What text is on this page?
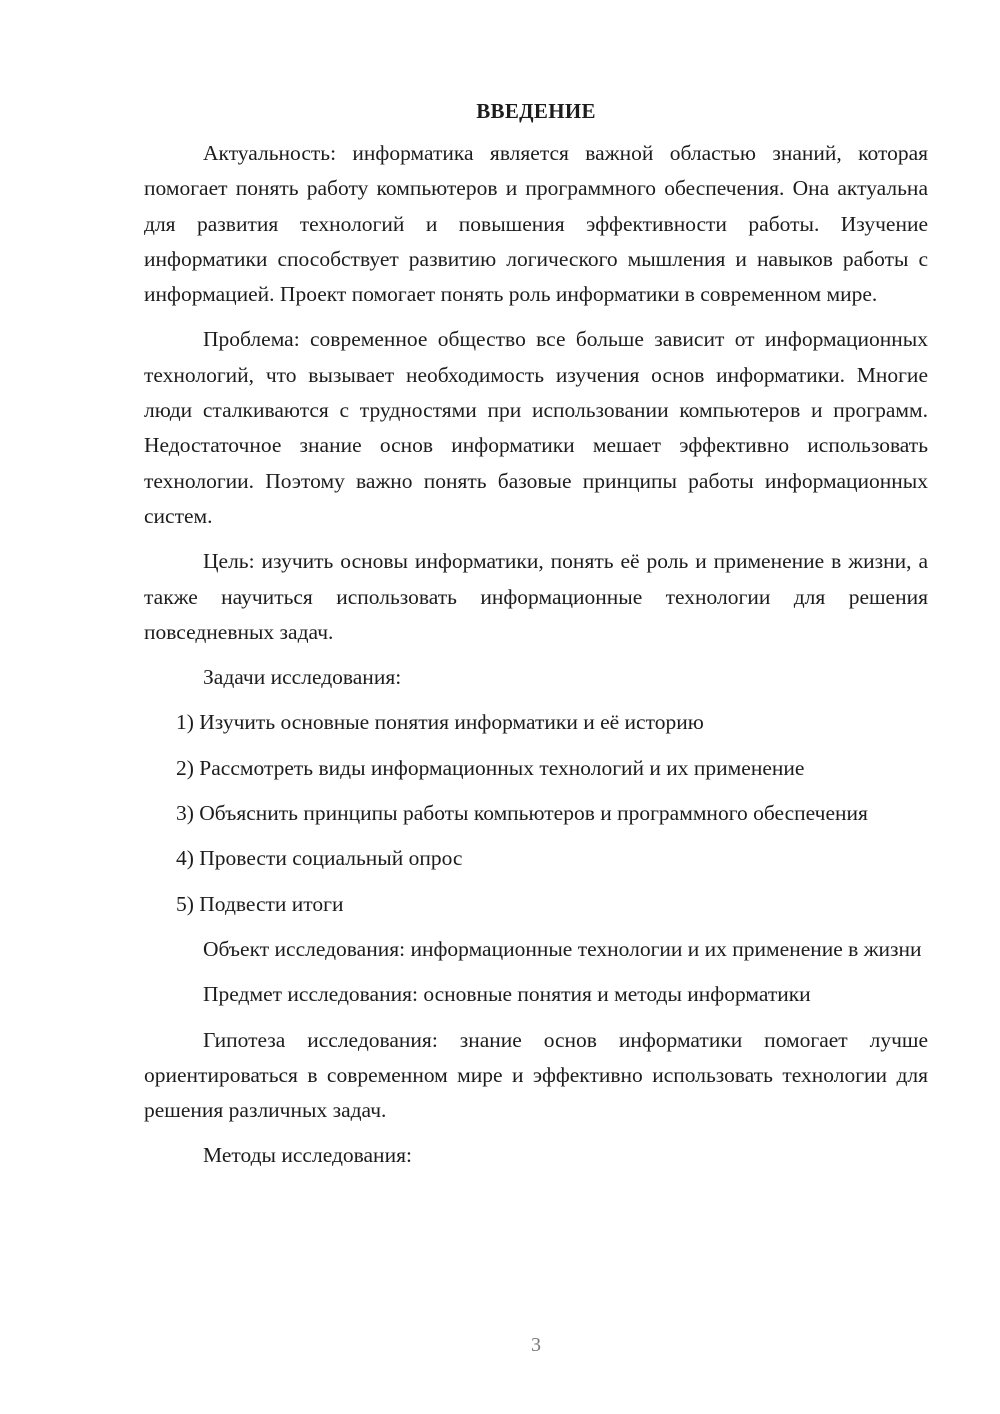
ВВЕДЕНИЕ

Актуальность: информатика является важной областью знаний, которая помогает понять работу компьютеров и программного обеспечения. Она актуальна для развития технологий и повышения эффективности работы. Изучение информатики способствует развитию логического мышления и навыков работы с информацией. Проект помогает понять роль информатики в современном мире.

Проблема: современное общество все больше зависит от информационных технологий, что вызывает необходимость изучения основ информатики. Многие люди сталкиваются с трудностями при использовании компьютеров и программ. Недостаточное знание основ информатики мешает эффективно использовать технологии. Поэтому важно понять базовые принципы работы информационных систем.

Цель: изучить основы информатики, понять её роль и применение в жизни, а также научиться использовать информационные технологии для решения повседневных задач.

Задачи исследования:

1) Изучить основные понятия информатики и её историю

2) Рассмотреть виды информационных технологий и их применение

3) Объяснить принципы работы компьютеров и программного обеспечения

4) Провести социальный опрос

5) Подвести итоги

Объект исследования: информационные технологии и их применение в жизни

Предмет исследования: основные понятия и методы информатики

Гипотеза исследования: знание основ информатики помогает лучше ориентироваться в современном мире и эффективно использовать технологии для решения различных задач.

Методы исследования:

3
